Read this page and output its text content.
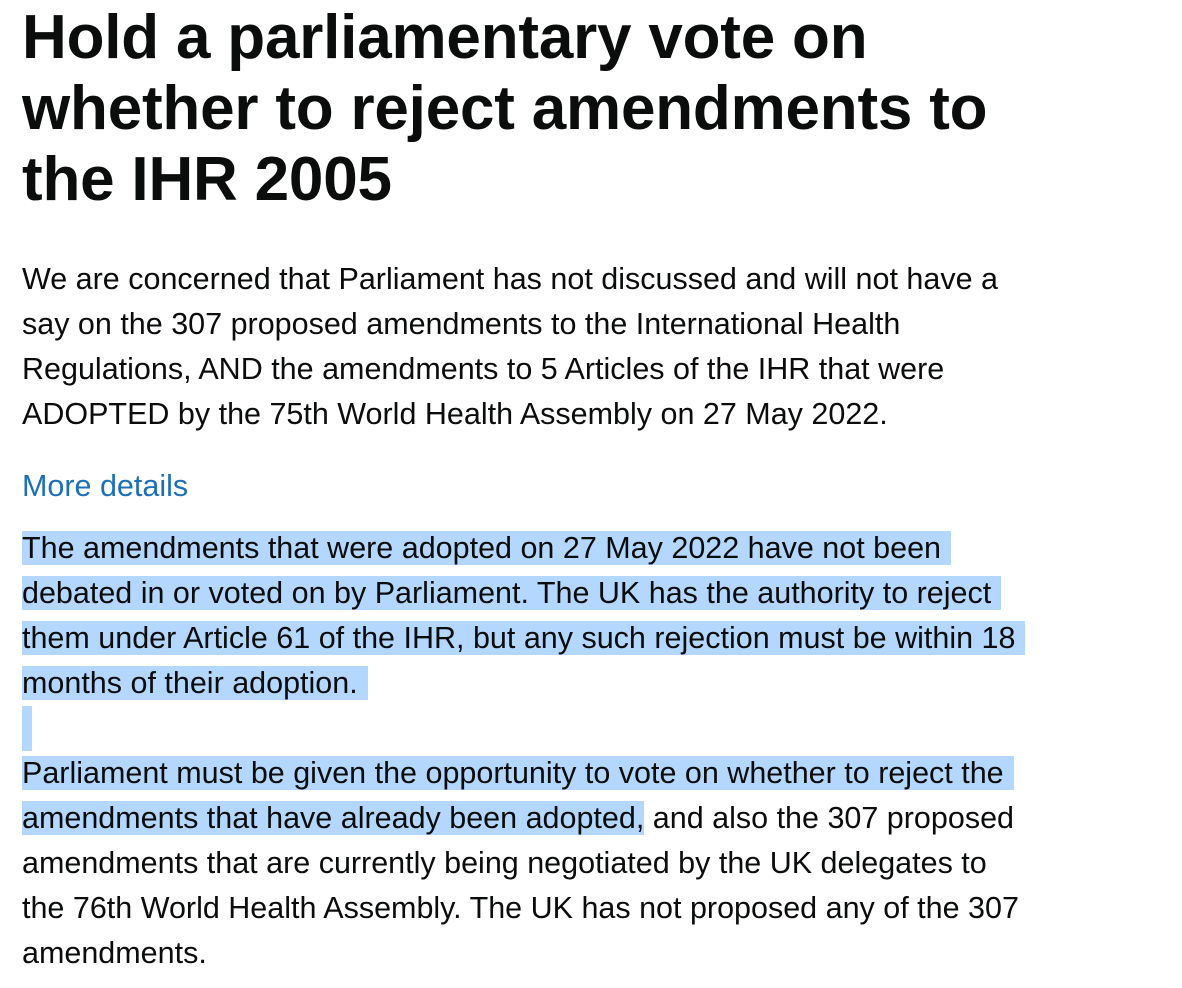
Hold a parliamentary vote on
whether to reject amendments to
the IHR 2005
We are concerned that Parliament has not discussed and will not have a
say on the 307 proposed amendments to the International Health
Regulations, AND the amendments to 5 Articles of the IHR that were
ADOPTED by the 75th World Health Assembly on 27 May 2022.
More details
The amendments that were adopted on 27 May 2022 have not been
debated in or voted on by Parliament. The UK has the authority to reject
them under Article 61 of the IHR, but any such rejection must be within 18
months of their adoption.
Parliament must be given the opportunity to vote on whether to reject the
amendments that have already been adopted, and also the 307 proposed
amendments that are currently being negotiated by the UK delegates to
the 76th World Health Assembly. The UK has not proposed any of the 307
amendments.
